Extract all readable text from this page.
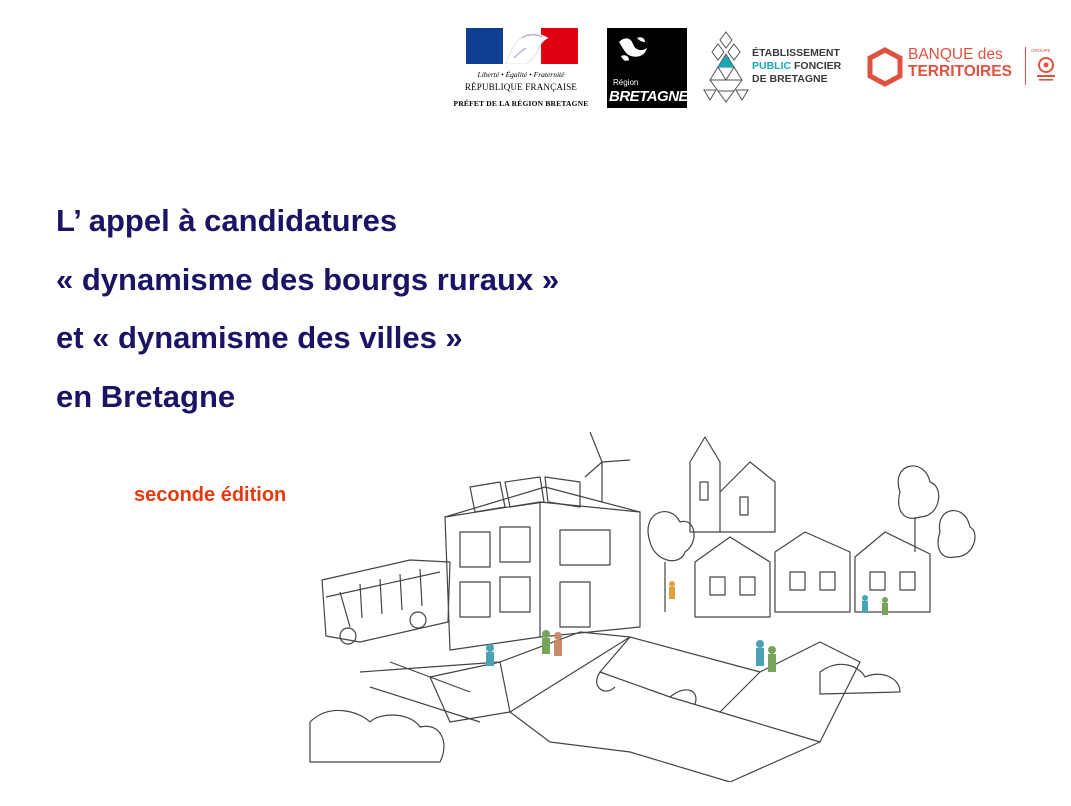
Liberté • Égalité • Fraternité
RÉPUBLIQUE FRANÇAISE
PRÉFET DE LA RÉGION BRETAGNE
Région
BRETAGNE
ÉTABLISSEMENT
PUBLIC FONCIER
DE BRETAGNE
BANQUE des
TERRITOIRES
GROUPE
L’ appel à candidatures
« dynamisme des bourgs ruraux »
et « dynamisme des villes »
en Bretagne
seconde édition
